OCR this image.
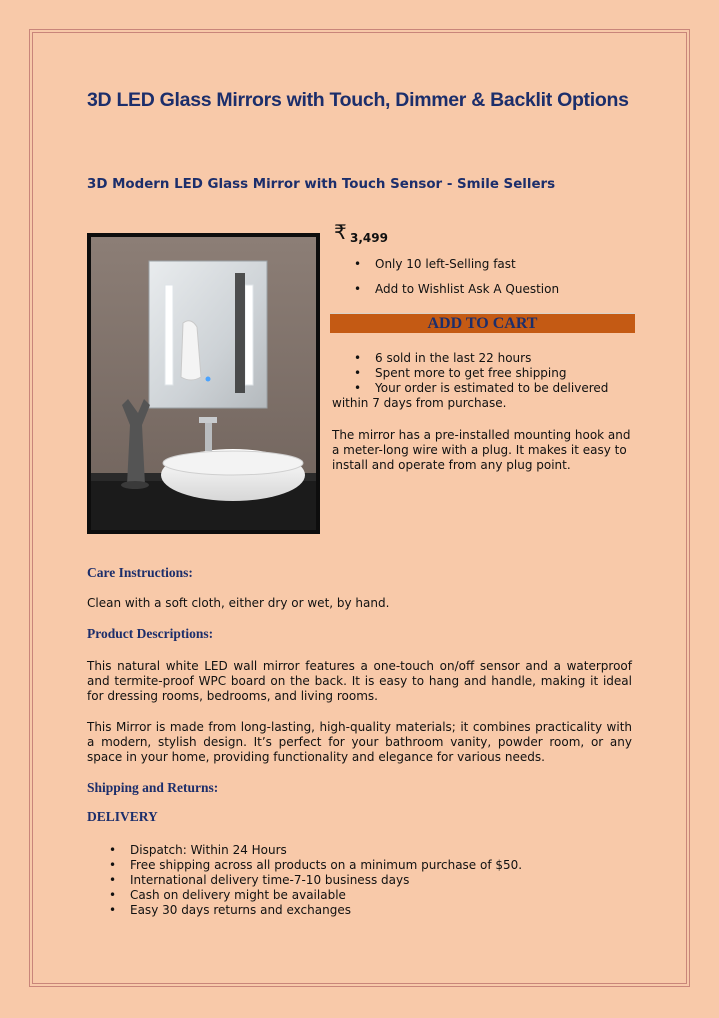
3D LED Glass Mirrors with Touch, Dimmer & Backlit Options
3D Modern LED Glass Mirror with Touch Sensor - Smile Sellers
₹ 3,499
• Only 10 left-Selling fast
• Add to Wishlist Ask A Question
ADD TO CART
• 6 sold in the last 22 hours
• Spent more to get free shipping
• Your order is estimated to be delivered within 7 days from purchase.

The mirror has a pre-installed mounting hook and a meter-long wire with a plug. It makes it easy to install and operate from any plug point.

Care Instructions:

Clean with a soft cloth, either dry or wet, by hand.

Product Descriptions:

This natural white LED wall mirror features a one-touch on/off sensor and a waterproof and termite-proof WPC board on the back. It is easy to hang and handle, making it ideal for dressing rooms, bedrooms, and living rooms.

This Mirror is made from long-lasting, high-quality materials; it combines practicality with a modern, stylish design. It’s perfect for your bathroom vanity, powder room, or any space in your home, providing functionality and elegance for various needs.

Shipping and Returns:
DELIVERY
• Dispatch: Within 24 Hours
• Free shipping across all products on a minimum purchase of $50.
• International delivery time-7-10 business days
• Cash on delivery might be available
• Easy 30 days returns and exchanges
